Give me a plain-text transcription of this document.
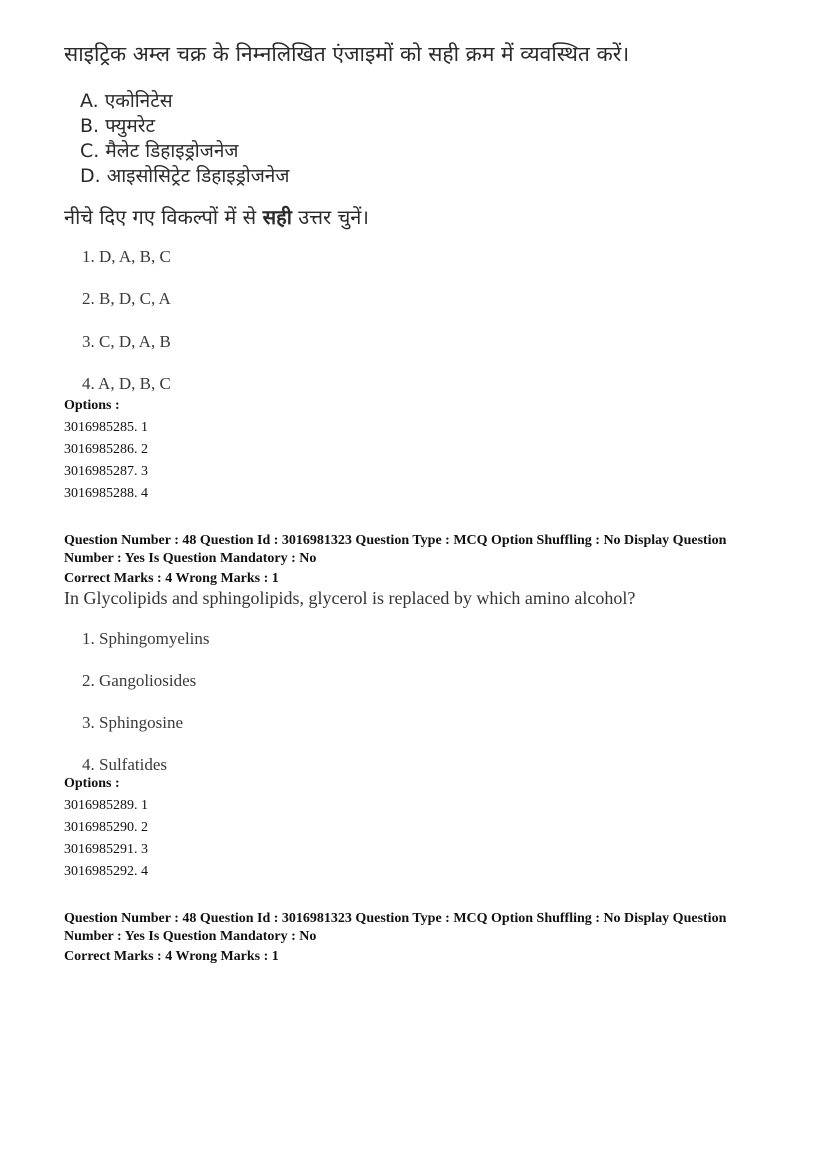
साइट्रिक अम्ल चक्र के निम्नलिखित एंजाइमों को सही क्रम में व्यवस्थित करें।
A. एकोनिटेस
B. फ्युमरेट
C. मैलेट डिहाइड्रोजनेज
D. आइसोसिट्रेट डिहाइड्रोजनेज
नीचे दिए गए विकल्पों में से सही उत्तर चुनें।
1. D, A, B, C
2. B, D, C, A
3. C, D, A, B
4. A, D, B, C
Options :
3016985285. 1
3016985286. 2
3016985287. 3
3016985288. 4
Question Number : 48 Question Id : 3016981323 Question Type : MCQ Option Shuffling : No Display Question
Number : Yes Is Question Mandatory : No
Correct Marks : 4 Wrong Marks : 1
In Glycolipids and sphingolipids, glycerol is replaced by which amino alcohol?
1. Sphingomyelins
2. Gangoliosides
3. Sphingosine
4. Sulfatides
Options :
3016985289. 1
3016985290. 2
3016985291. 3
3016985292. 4
Question Number : 48 Question Id : 3016981323 Question Type : MCQ Option Shuffling : No Display Question
Number : Yes Is Question Mandatory : No
Correct Marks : 4 Wrong Marks : 1
